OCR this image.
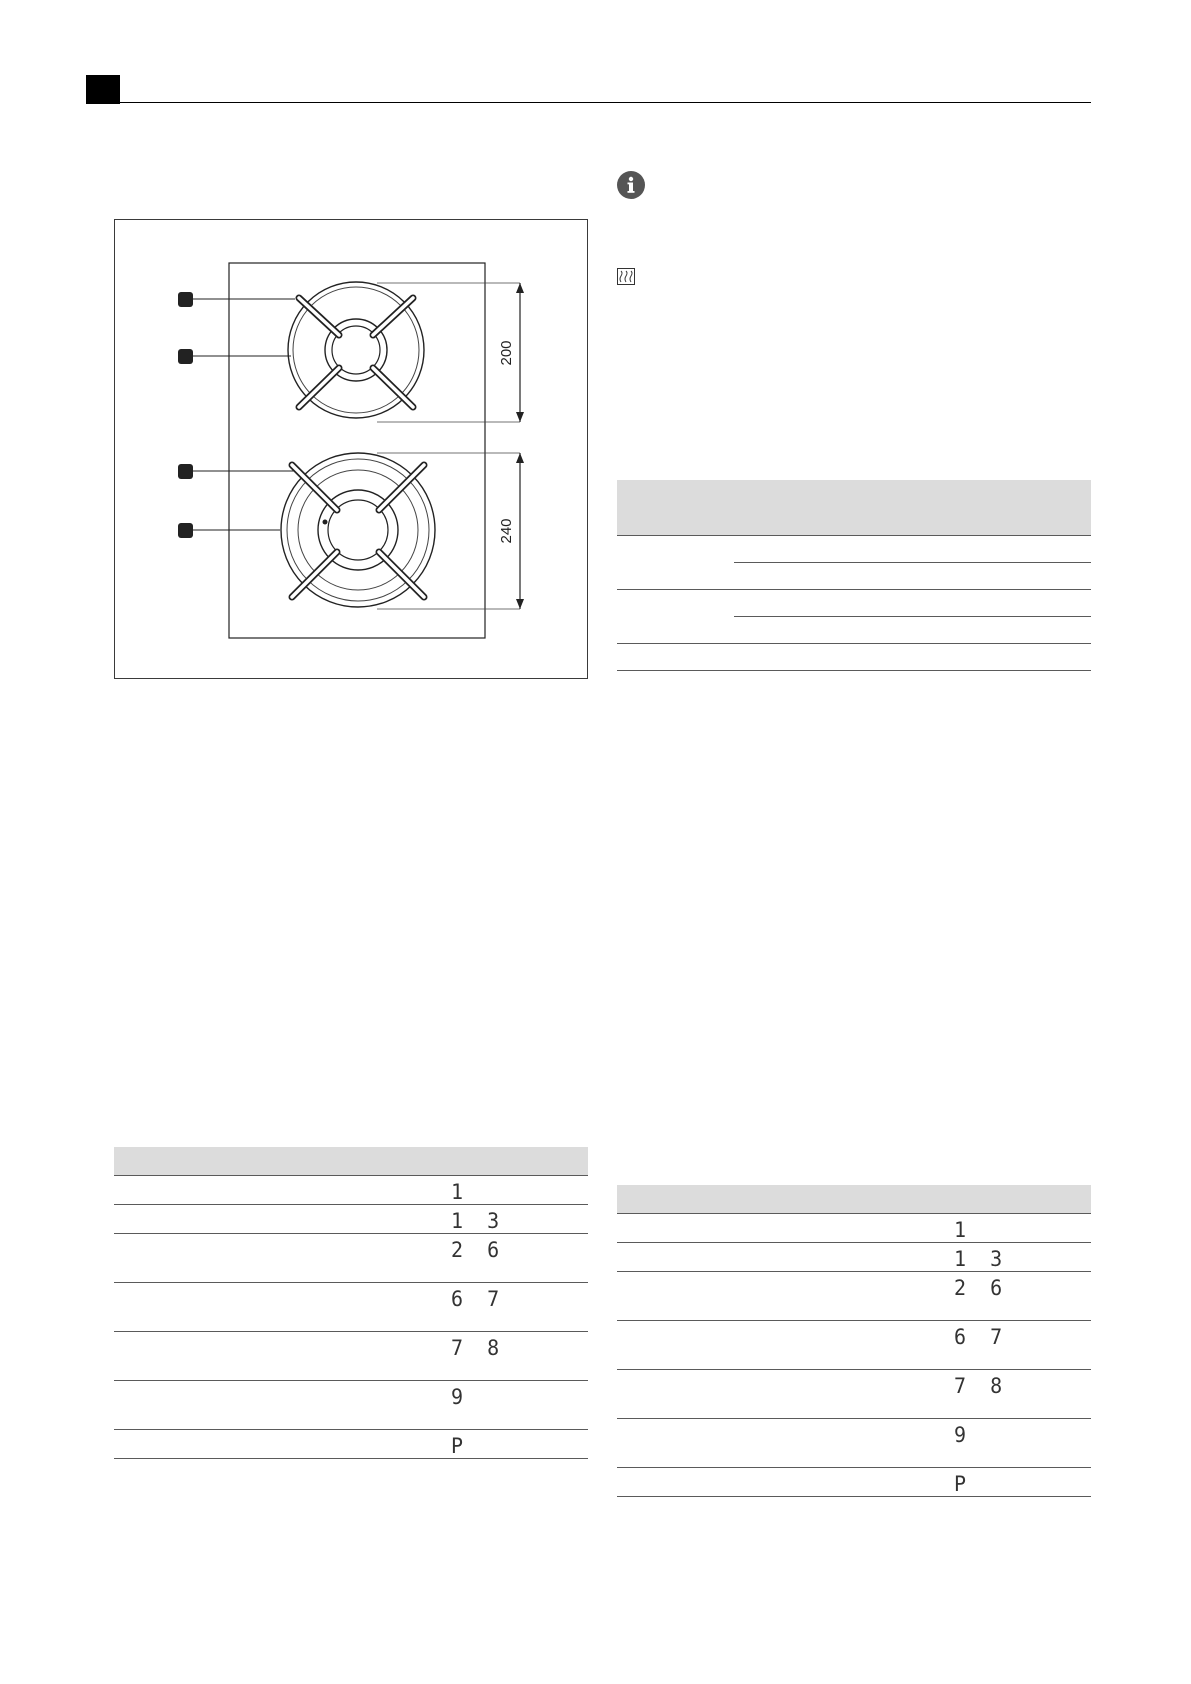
200
240

	1
	1 3
	2 6
	6 7
	7 8
	9
	P

	1
	1 3
	2 6
	6 7
	7 8
	9
	P
